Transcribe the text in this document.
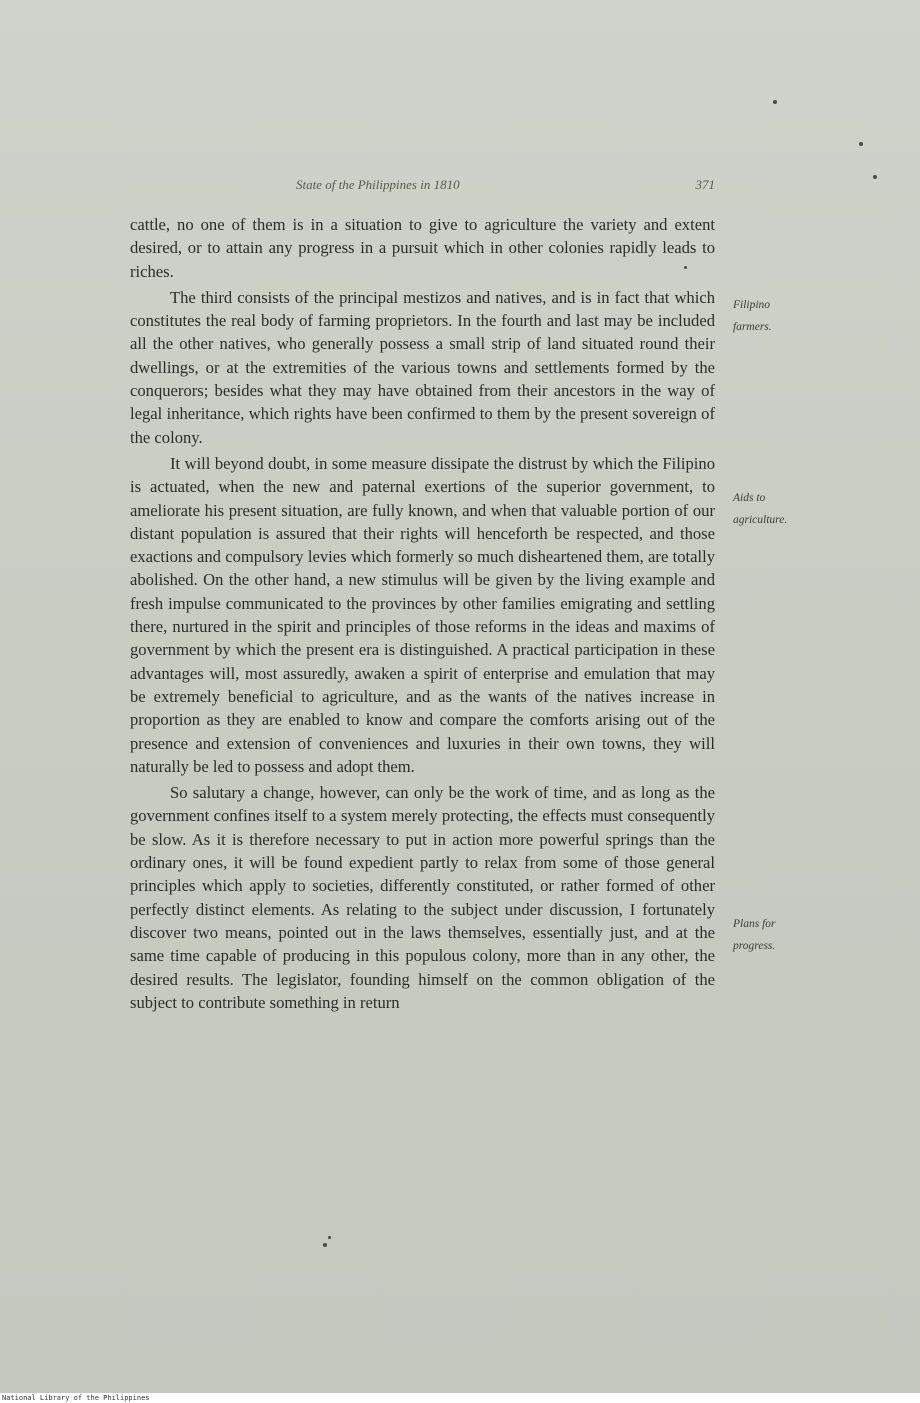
State of the Philippines in 1810	371

cattle, no one of them is in a situation to give to agriculture the variety and extent desired, or to attain any progress in a pursuit which in other colonies rapidly leads to riches.

The third consists of the principal mestizos and natives, and is in fact that which constitutes the real body of farming proprietors. In the fourth and last may be included all the other natives, who generally possess a small strip of land situated round their dwellings, or at the extremities of the various towns and settlements formed by the conquerors; besides what they may have obtained from their ancestors in the way of legal inheritance, which rights have been confirmed to them by the present sovereign of the colony.

It will beyond doubt, in some measure dissipate the distrust by which the Filipino is actuated, when the new and paternal exertions of the superior government, to ameliorate his present situation, are fully known, and when that valuable portion of our distant population is assured that their rights will henceforth be respected, and those exactions and compulsory levies which formerly so much disheartened them, are totally abolished. On the other hand, a new stimulus will be given by the living example and fresh impulse communicated to the provinces by other families emigrating and settling there, nurtured in the spirit and principles of those reforms in the ideas and maxims of government by which the present era is distinguished. A practical participation in these advantages will, most assuredly, awaken a spirit of enterprise and emulation that may be extremely beneficial to agriculture, and as the wants of the natives increase in proportion as they are enabled to know and compare the comforts arising out of the presence and extension of conveniences and luxuries in their own towns, they will naturally be led to possess and adopt them.

So salutary a change, however, can only be the work of time, and as long as the government confines itself to a system merely protecting, the effects must consequently be slow. As it is therefore necessary to put in action more powerful springs than the ordinary ones, it will be found expedient partly to relax from some of those general principles which apply to societies, differently constituted, or rather formed of other perfectly distinct elements. As relating to the subject under discussion, I fortunately discover two means, pointed out in the laws themselves, essentially just, and at the same time capable of producing in this populous colony, more than in any other, the desired results. The legislator, founding himself on the common obligation of the subject to contribute something in return

Filipino
farmers.
Aids to
agriculture.
Plans for
progress.
National Library of the Philippines
